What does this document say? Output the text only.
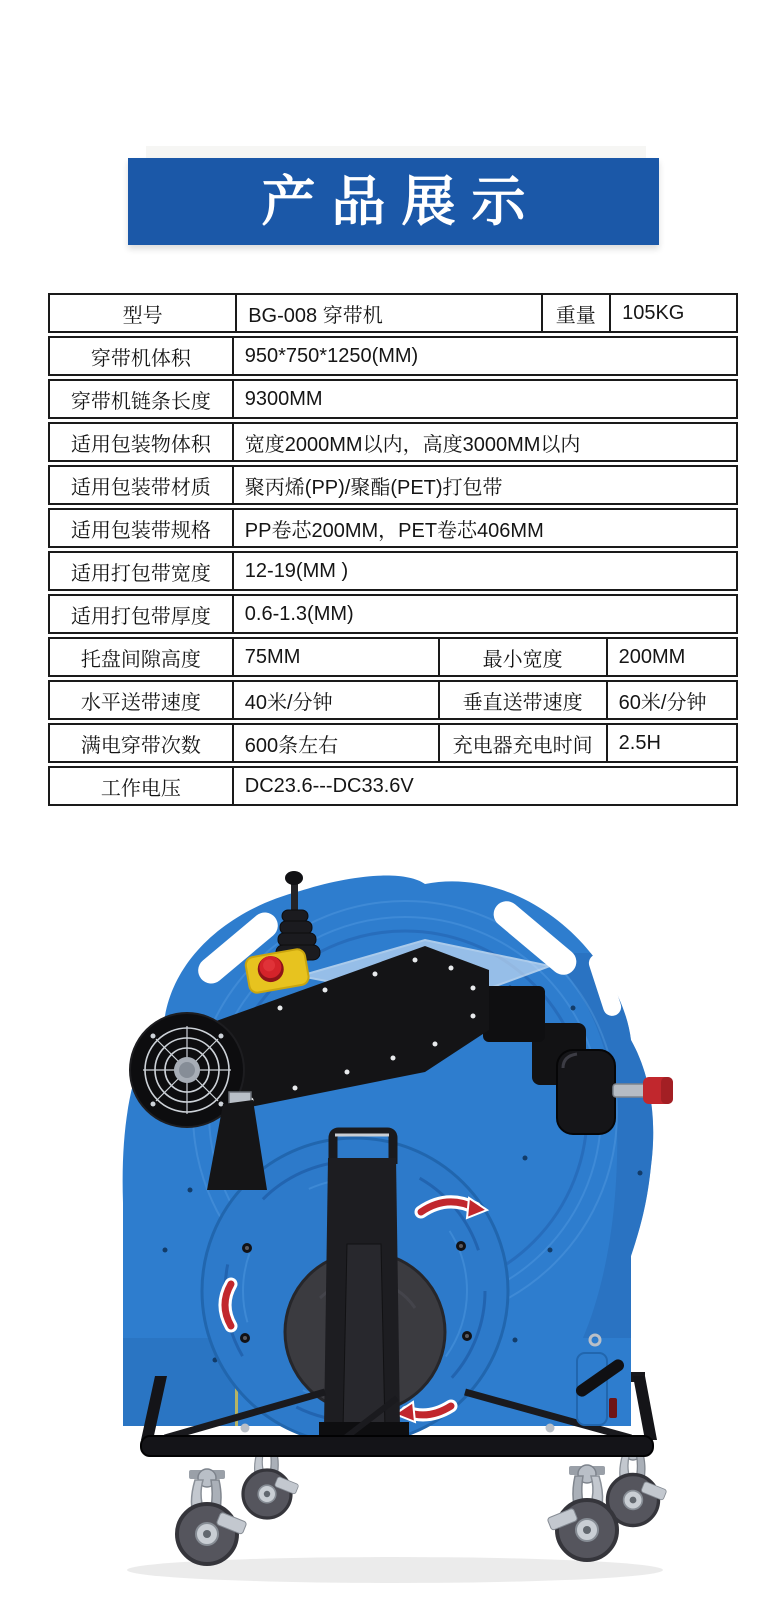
产品展示
型号	BG-008 穿带机	重量	105KG
穿带机体积	950*750*1250(MM)
穿带机链条长度	9300MM
适用包装物体积	宽度2000MM以内，高度3000MM以内
适用包装带材质	聚丙烯(PP)/聚酯(PET)打包带
适用包装带规格	PP卷芯200MM，PET卷芯406MM
适用打包带宽度	12-19(MM )
适用打包带厚度	0.6-1.3(MM)
托盘间隙高度	75MM	最小宽度	200MM
水平送带速度	40米/分钟	垂直送带速度	60米/分钟
满电穿带次数	600条左右	充电器充电时间	2.5H
工作电压	DC23.6---DC33.6V
